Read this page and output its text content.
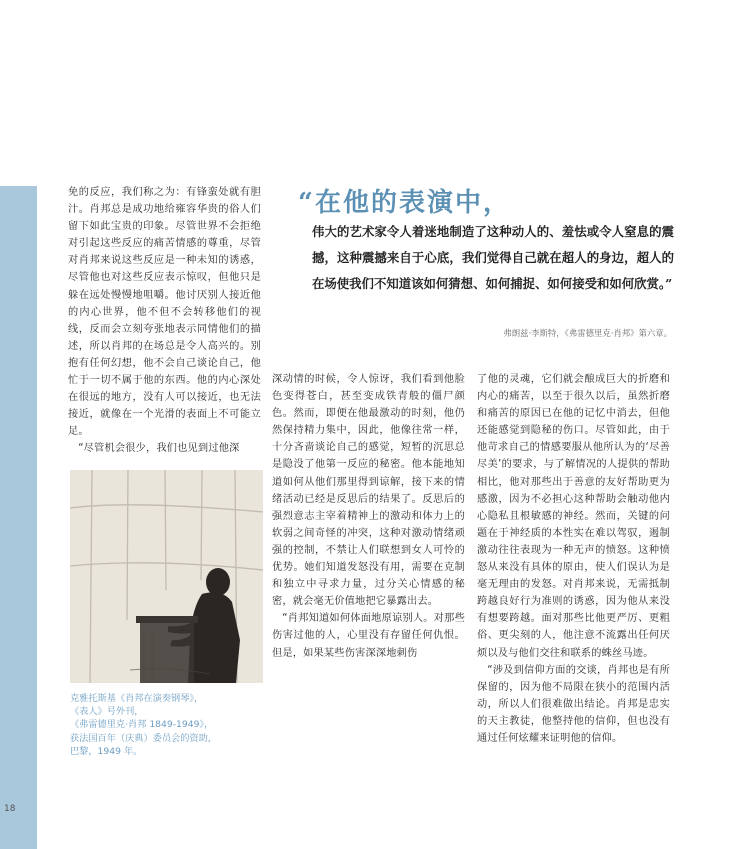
18

免的反应，我们称之为：有锋蛮处就有胆汁。肖邦总是成功地给雍容华贵的俗人们留下如此宝贵的印象。尽管世界不会拒绝对引起这些反应的痛苦情感的尊重，尽管对肖邦来说这些反应是一种未知的诱惑，尽管他也对这些反应表示惊叹，但他只是躲在远处慢慢地咀嚼。他讨厌别人接近他的内心世界，他不但不会转移他们的视线，反而会立刻夸张地表示同情他们的描述，所以肖邦的在场总是令人高兴的。别抱有任何幻想，他不会自己谈论自己，他忙于一切不属于他的东西。他的内心深处在很远的地方，没有人可以接近，也无法接近，就像在一个光滑的表面上不可能立足。

“尽管机会很少，我们也见到过他深

“在他的表演中，
伟大的艺术家令人着迷地制造了这种动人的、羞怯或令人窒息的震撼，这种震撼来自于心底，我们觉得自己就在超人的身边，超人的在场使我们不知道该如何猜想、如何捕捉、如何接受和如何欣赏。”
弗朗兹·李斯特，《弗雷德里克·肖邦》第六章。
克雅托斯基《肖邦在演奏钢琴》，
《表人》号外刊，
《弗雷德里克·肖邦 1849-1949》，
获法国百年（庆典）委员会的资助，
巴黎，1949 年。

深动情的时候，令人惊讶，我们看到他脸色变得苍白，甚至变成铁青般的僵尸颜色。然而，即便在他最激动的时刻，他仍然保持精力集中，因此，他像往常一样，十分吝啬谈论自己的感觉，短暂的沉思总是隐没了他第一反应的秘密。他本能地知道如何从他们那里得到谅解，接下来的情绪活动已经是反思后的结果了。反思后的强烈意志主宰着精神上的激动和体力上的软弱之间奇怪的冲突，这种对激动情绪顽强的控制，不禁让人们联想到女人可怜的优势。她们知道发怒没有用，需要在克制和独立中寻求力量，过分关心情感的秘密，就会毫无价值地把它暴露出去。

“肖邦知道如何体面地原谅别人。对那些伤害过他的人，心里没有存留任何仇恨。但是，如果某些伤害深深地刺伤

了他的灵魂，它们就会酿成巨大的折磨和内心的痛苦，以至于很久以后，虽然折磨和痛苦的原因已在他的记忆中消去，但他还能感觉到隐秘的伤口。尽管如此，由于他苛求自己的情感要服从他所认为的‘尽善尽美’的要求，与了解情况的人提供的帮助相比，他对那些出于善意的友好帮助更为感激，因为不必担心这种帮助会触动他内心隐私且根敏感的神经。然而，关键的问题在于神经质的本性实在难以驾驭，遏制激动往往表现为一种无声的愤怒。这种愤怒从来没有具体的原由，使人们误认为是毫无理由的发怒。对肖邦来说，无需抵制跨越良好行为准则的诱惑，因为他从来没有想要跨越。面对那些比他更严厉、更粗俗、更尖刻的人，他注意不流露出任何厌烦以及与他们交往和联系的蛛丝马迹。

“涉及到信仰方面的交谈，肖邦也是有所保留的，因为他不局限在狭小的范围内活动，所以人们很难做出结论。肖邦是忠实的天主教徒，他整持他的信仰，但也没有通过任何炫耀来证明他的信仰。
